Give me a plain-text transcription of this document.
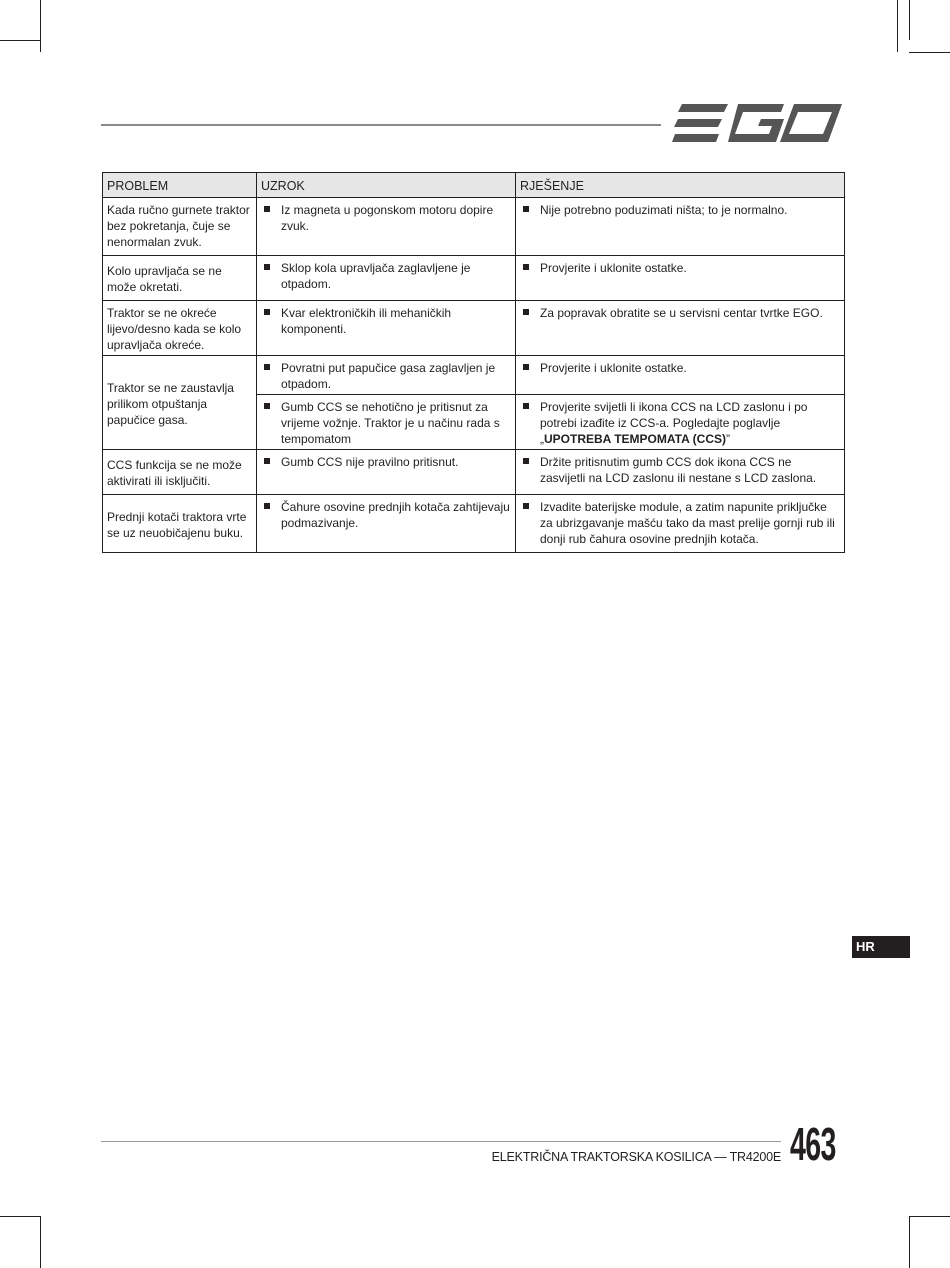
PROBLEM	UZROK	RJEŠENJE
Kada ručno gurnete traktor bez pokretanja, čuje se nenormalan zvuk.	Iz magneta u pogonskom motoru dopire zvuk.	Nije potrebno poduzimati ništa; to je normalno.

Kolo upravljača se ne može okretati.	Sklop kola upravljača zaglavljene je otpadom.	Provjerite i uklonite ostatke.

Traktor se ne okreće lijevo/desno kada se kolo upravljača okreće.	Kvar elektroničkih ili mehaničkih komponenti.	Za popravak obratite se u servisni centar tvrtke EGO.

Traktor se ne zaustavlja prilikom otpuštanja papučice gasa.	Povratni put papučice gasa zaglavljen je otpadom.	Provjerite i uklonite ostatke.

	Gumb CCS se nehotično je pritisnut za vrijeme vožnje. Traktor je u načinu rada s tempomatom	Provjerite svijetli li ikona CCS na LCD zaslonu i po potrebi izađite iz CCS-a. Pogledajte poglavlje „UPOTREBA TEMPOMATA (CCS)”

CCS funkcija se ne može aktivirati ili isključiti.	Gumb CCS nije pravilno pritisnut.	Držite pritisnutim gumb CCS dok ikona CCS ne zasvijetli na LCD zaslonu ili nestane s LCD zaslona.

Prednji kotači traktora vrte se uz neuobičajenu buku.	Čahure osovine prednjih kotača zahtijevaju podmazivanje.	Izvadite baterijske module, a zatim napunite priključke za ubrizgavanje mašću tako da mast prelije gornji rub ili donji rub čahura osovine prednjih kotača.
HR
ELEKTRIČNA TRAKTORSKA KOSILICA — TR4200E 463
